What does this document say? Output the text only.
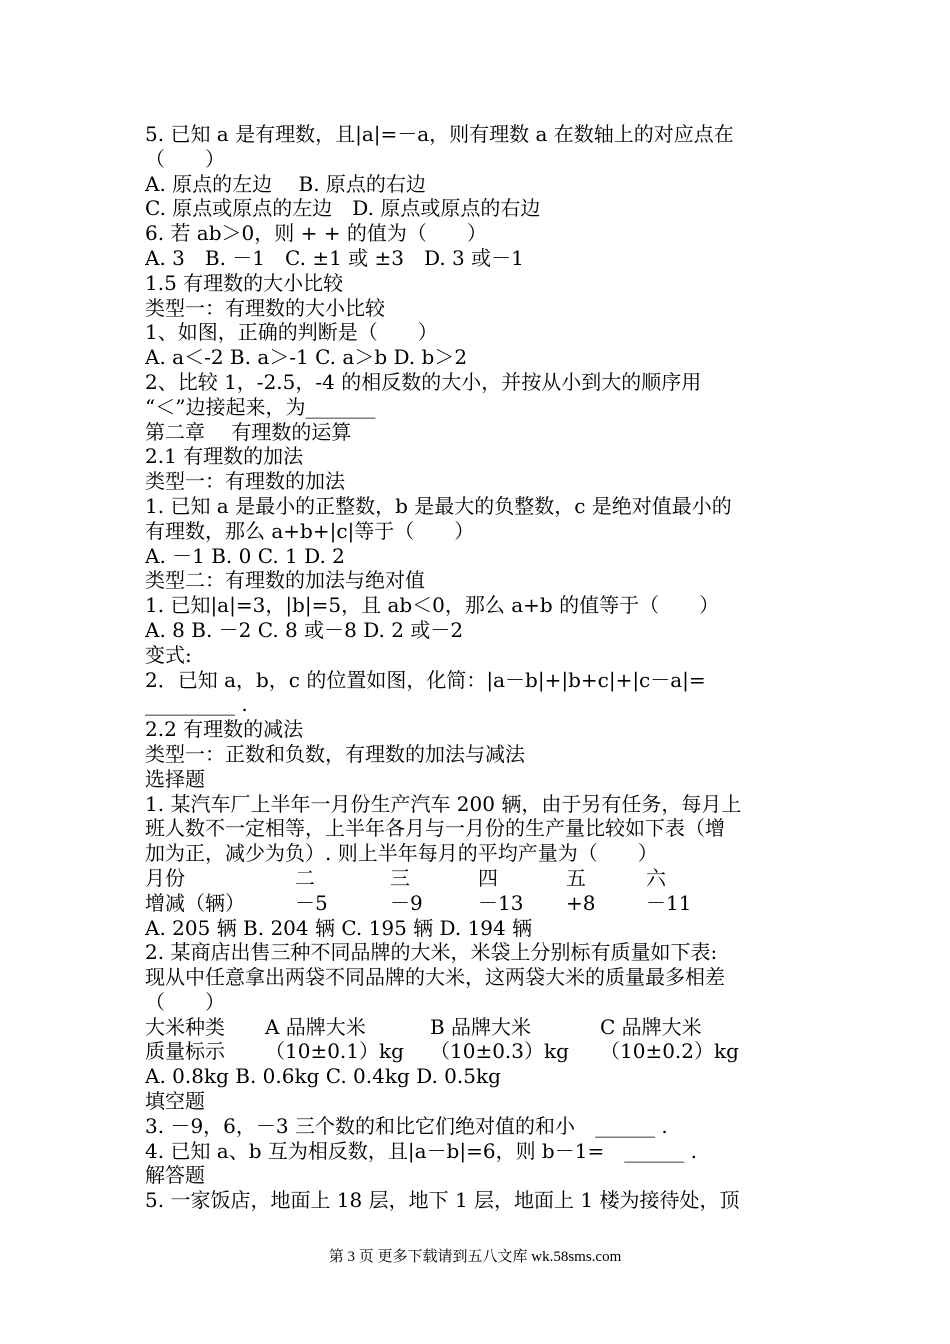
5. 已知 a 是有理数，且|a|=－a，则有理数 a 在数轴上的对应点在
（　　）
A. 原点的左边　 B. 原点的右边
C. 原点或原点的左边　D. 原点或原点的右边
6. 若 ab＞0，则 + + 的值为（　　）
A. 3　B. －1　C. ±1 或 ±3　D. 3 或－1
1.5 有理数的大小比较
类型一：有理数的大小比较
1、如图，正确的判断是（　　）
A. a＜-2 B. a＞-1 C. a＞b D. b＞2
2、比较 1，-2.5，-4 的相反数的大小，并按从小到大的顺序用
“＜”边接起来，为_______
第二章　 有理数的运算
2.1 有理数的加法
类型一：有理数的加法
1. 已知 a 是最小的正整数，b 是最大的负整数，c 是绝对值最小的
有理数，那么 a+b+|c|等于（　　）
A. －1 B. 0 C. 1 D. 2
类型二：有理数的加法与绝对值
1. 已知|a|=3，|b|=5，且 ab＜0，那么 a+b 的值等于（　　）
A. 8 B. －2 C. 8 或－8 D. 2 或－2
变式:
2．已知 a，b，c 的位置如图，化简：|a－b|+|b+c|+|c－a|=
_________ .
2.2 有理数的减法
类型一：正数和负数，有理数的加法与减法
选择题
1. 某汽车厂上半年一月份生产汽车 200 辆，由于另有任务，每月上
班人数不一定相等，上半年各月与一月份的生产量比较如下表（增
加为正，减少为负）. 则上半年每月的平均产量为（　　）
月份	二	三	四	五	六
增减（辆）	－5	－9	－13	+8	－11
A. 205 辆 B. 204 辆 C. 195 辆 D. 194 辆
2. 某商店出售三种不同品牌的大米，米袋上分别标有质量如下表:
现从中任意拿出两袋不同品牌的大米，这两袋大米的质量最多相差
（　　）
大米种类	A 品牌大米	B 品牌大米	C 品牌大米
质量标示	（10±0.1）kg	（10±0.3）kg	（10±0.2）kg
A. 0.8kg B. 0.6kg C. 0.4kg D. 0.5kg
填空题
3. －9，6，－3 三个数的和比它们绝对值的和小　______ .
4. 已知 a、b 互为相反数，且|a－b|=6，则 b－1=　______ .
解答题
5. 一家饭店，地面上 18 层，地下 1 层，地面上 1 楼为接待处，顶
第 3 页 更多下载请到五八文库 wk.58sms.com
